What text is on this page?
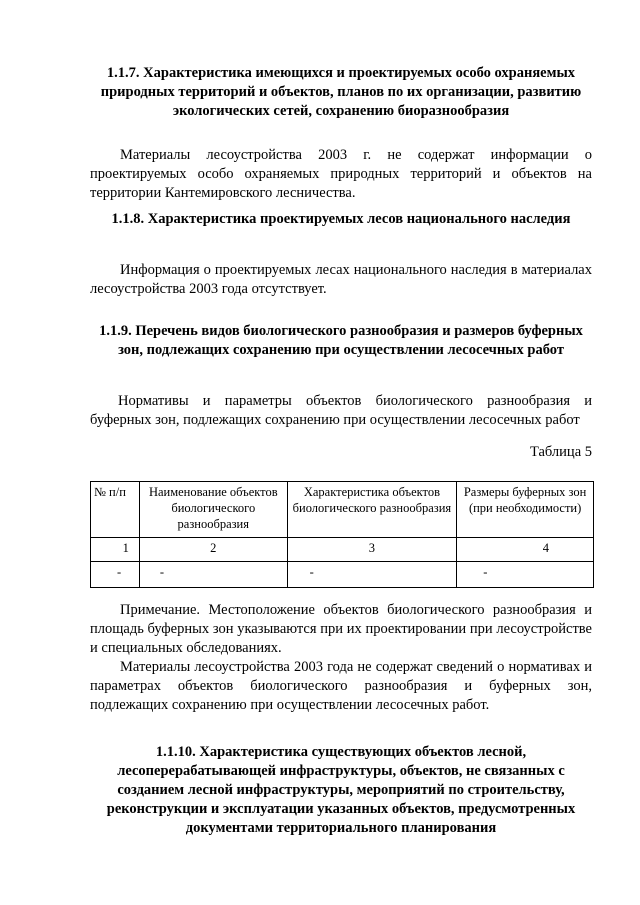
1.1.7. Характеристика имеющихся и проектируемых особо охраняемых природных территорий и объектов, планов по их организации, развитию экологических сетей, сохранению биоразнообразия

Материалы лесоустройства 2003 г. не содержат информации о проектируемых особо охраняемых природных территорий и объектов на территории Кантемировского лесничества.

1.1.8. Характеристика проектируемых лесов национального наследия

Информация о проектируемых лесах национального наследия в материалах лесоустройства 2003 года отсутствует.

1.1.9. Перечень видов биологического разнообразия и размеров буферных зон, подлежащих сохранению при осуществлении лесосечных работ

Нормативы и параметры объектов биологического разнообразия и буферных зон, подлежащих сохранению при осуществлении лесосечных работ

Таблица 5

№ п/п	Наименование объектов биологического разнообразия	Характеристика объектов биологического разнообразия	Размеры буферных зон (при необходимости)
1	2	3	4
-	-	-	-

Примечание. Местоположение объектов биологического разнообразия и площадь буферных зон указываются при их проектировании при лесоустройстве и специальных обследованиях.

Материалы лесоустройства 2003 года не содержат сведений о нормативах и параметрах объектов биологического разнообразия и буферных зон, подлежащих сохранению при осуществлении лесосечных работ.

1.1.10. Характеристика существующих объектов лесной, лесоперерабатывающей инфраструктуры, объектов, не связанных с созданием лесной инфраструктуры, мероприятий по строительству, реконструкции и эксплуатации указанных объектов, предусмотренных документами территориального планирования
